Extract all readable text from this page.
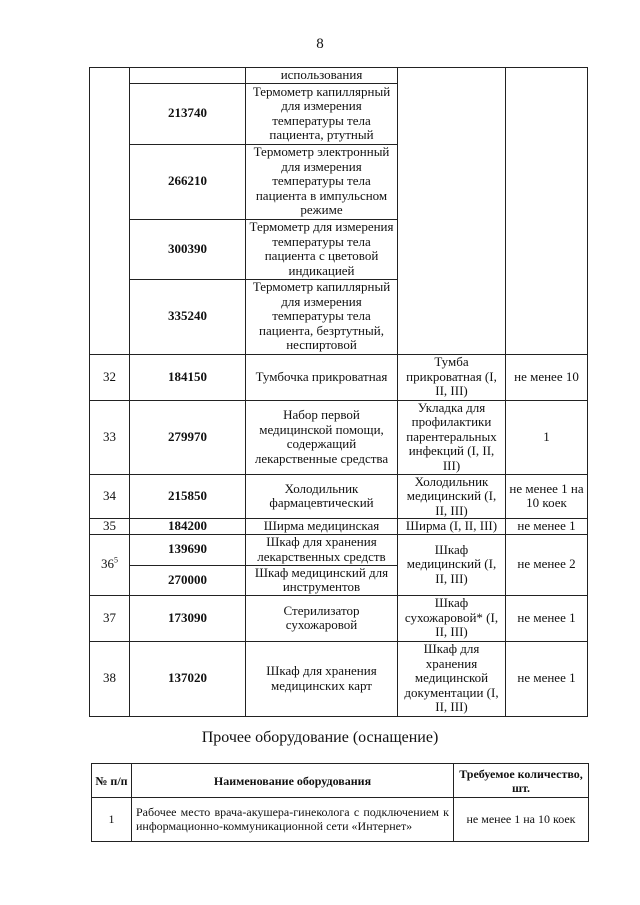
8
		использования		
	213740	Термометр капиллярный для измерения температуры тела пациента, ртутный		
	266210	Термометр электронный для измерения температуры тела пациента в импульсном режиме		
	300390	Термометр для измерения температуры тела пациента с цветовой индикацией		
	335240	Термометр капиллярный для измерения температуры тела пациента, безртутный, неспиртовой		
32	184150	Тумбочка прикроватная	Тумба прикроватная (I, II, III)	не менее 10
33	279970	Набор первой медицинской помощи, содержащий лекарственные средства	Укладка для профилактики парентеральных инфекций (I, II, III)	1
34	215850	Холодильник фармацевтический	Холодильник медицинский (I, II, III)	не менее 1 на 10 коек
35	184200	Ширма медицинская	Ширма (I, II, III)	не менее 1
$36^5$	139690	Шкаф для хранения лекарственных средств	Шкаф медицинский (I, II, III)	не менее 2
	270000	Шкаф медицинский для инструментов		
37	173090	Стерилизатор сухожаровой	Шкаф сухожаровой* (I, II, III)	не менее 1
38	137020	Шкаф для хранения медицинских карт	Шкаф для хранения медицинской документации (I, II, III)	не менее 1
Прочее оборудование (оснащение)
№ п/п	Наименование оборудования	Требуемое количество, шт.
1	Рабочее место врача-акушера-гинеколога с подключением к информационно-коммуникационной сети «Интернет»	не менее 1 на 10 коек
